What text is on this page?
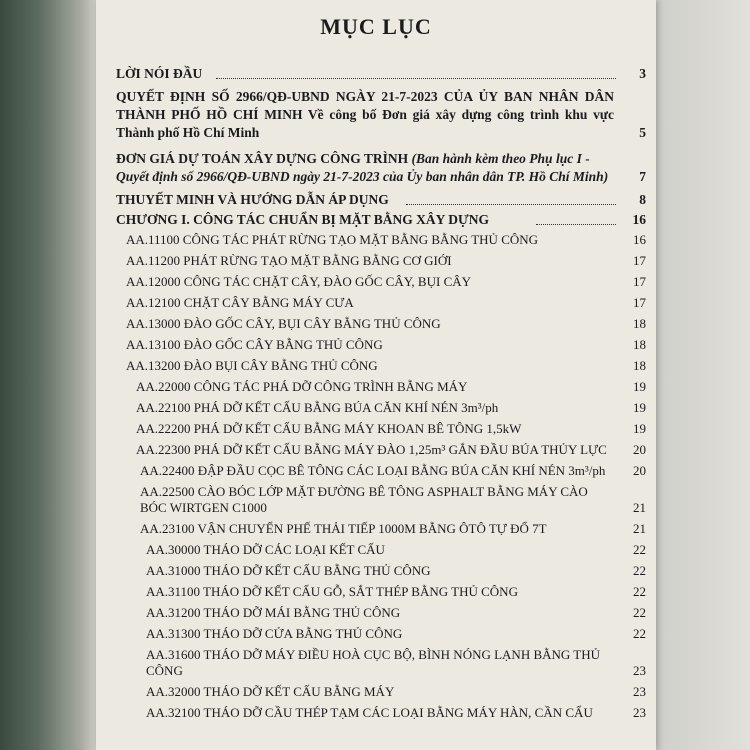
MỤC LỤC
LỜI NÓI ĐẦU	3
QUYẾT ĐỊNH SỐ 2966/QĐ-UBND NGÀY 21-7-2023 CỦA ỦY BAN NHÂN DÂN THÀNH PHỐ HỒ CHÍ MINH Về công bố Đơn giá xây dựng công trình khu vực Thành phố Hồ Chí Minh	5
ĐƠN GIÁ DỰ TOÁN XÂY DỰNG CÔNG TRÌNH (Ban hành kèm theo Phụ lục I - Quyết định số 2966/QĐ-UBND ngày 21-7-2023 của Ủy ban nhân dân TP. Hồ Chí Minh)	7
THUYẾT MINH VÀ HƯỚNG DẪN ÁP DỤNG	8
CHƯƠNG I. CÔNG TÁC CHUẨN BỊ MẶT BẰNG XÂY DỰNG	16
AA.11100 CÔNG TÁC PHÁT RỪNG TẠO MẶT BẰNG BẰNG THỦ CÔNG	16
AA.11200 PHÁT RỪNG TẠO MẶT BẰNG BẰNG CƠ GIỚI	17
AA.12000 CÔNG TÁC CHẶT CÂY, ĐÀO GỐC CÂY, BỤI CÂY	17
AA.12100 CHẶT CÂY BẰNG MÁY CƯA	17
AA.13000 ĐÀO GỐC CÂY, BỤI CÂY BẰNG THỦ CÔNG	18
AA.13100 ĐÀO GỐC CÂY BẰNG THỦ CÔNG	18
AA.13200 ĐÀO BỤI CÂY BẰNG THỦ CÔNG	18
AA.22000 CÔNG TÁC PHÁ DỠ CÔNG TRÌNH BẰNG MÁY	19
AA.22100 PHÁ DỠ KẾT CẤU BẰNG BÚA CĂN KHÍ NÉN 3m³/ph	19
AA.22200 PHÁ DỠ KẾT CẤU BẰNG MÁY KHOAN BÊ TÔNG 1,5kW	19
AA.22300 PHÁ DỠ KẾT CẤU BẰNG MÁY ĐÀO 1,25m³ GẮN ĐẦU BÚA THỦY LỰC	20
AA.22400 ĐẬP ĐẦU CỌC BÊ TÔNG CÁC LOẠI BẰNG BÚA CĂN KHÍ NÉN 3m³/ph	20
AA.22500 CÀO BÓC LỚP MẶT ĐƯỜNG BÊ TÔNG ASPHALT BẰNG MÁY CÀO BÓC WIRTGEN C1000	21
AA.23100 VẬN CHUYỂN PHẾ THẢI TIẾP 1000M BẰNG ÔTÔ TỰ ĐỔ 7T	21
AA.30000 THÁO DỠ CÁC LOẠI KẾT CẤU	22
AA.31000 THÁO DỠ KẾT CẤU BẰNG THỦ CÔNG	22
AA.31100 THÁO DỠ KẾT CẤU GỖ, SẮT THÉP BẰNG THỦ CÔNG	22
AA.31200 THÁO DỠ MÁI BẰNG THỦ CÔNG	22
AA.31300 THÁO DỠ CỬA BẰNG THỦ CÔNG	22
AA.31600 THÁO DỠ MÁY ĐIỀU HOÀ CỤC BỘ, BÌNH NÓNG LẠNH BẰNG THỦ CÔNG	23
AA.32000 THÁO DỠ KẾT CẤU BẰNG MÁY	23
AA.32100 THÁO DỠ CẦU THÉP TẠM CÁC LOẠI BẰNG MÁY HÀN, CẦN CẨU	23
